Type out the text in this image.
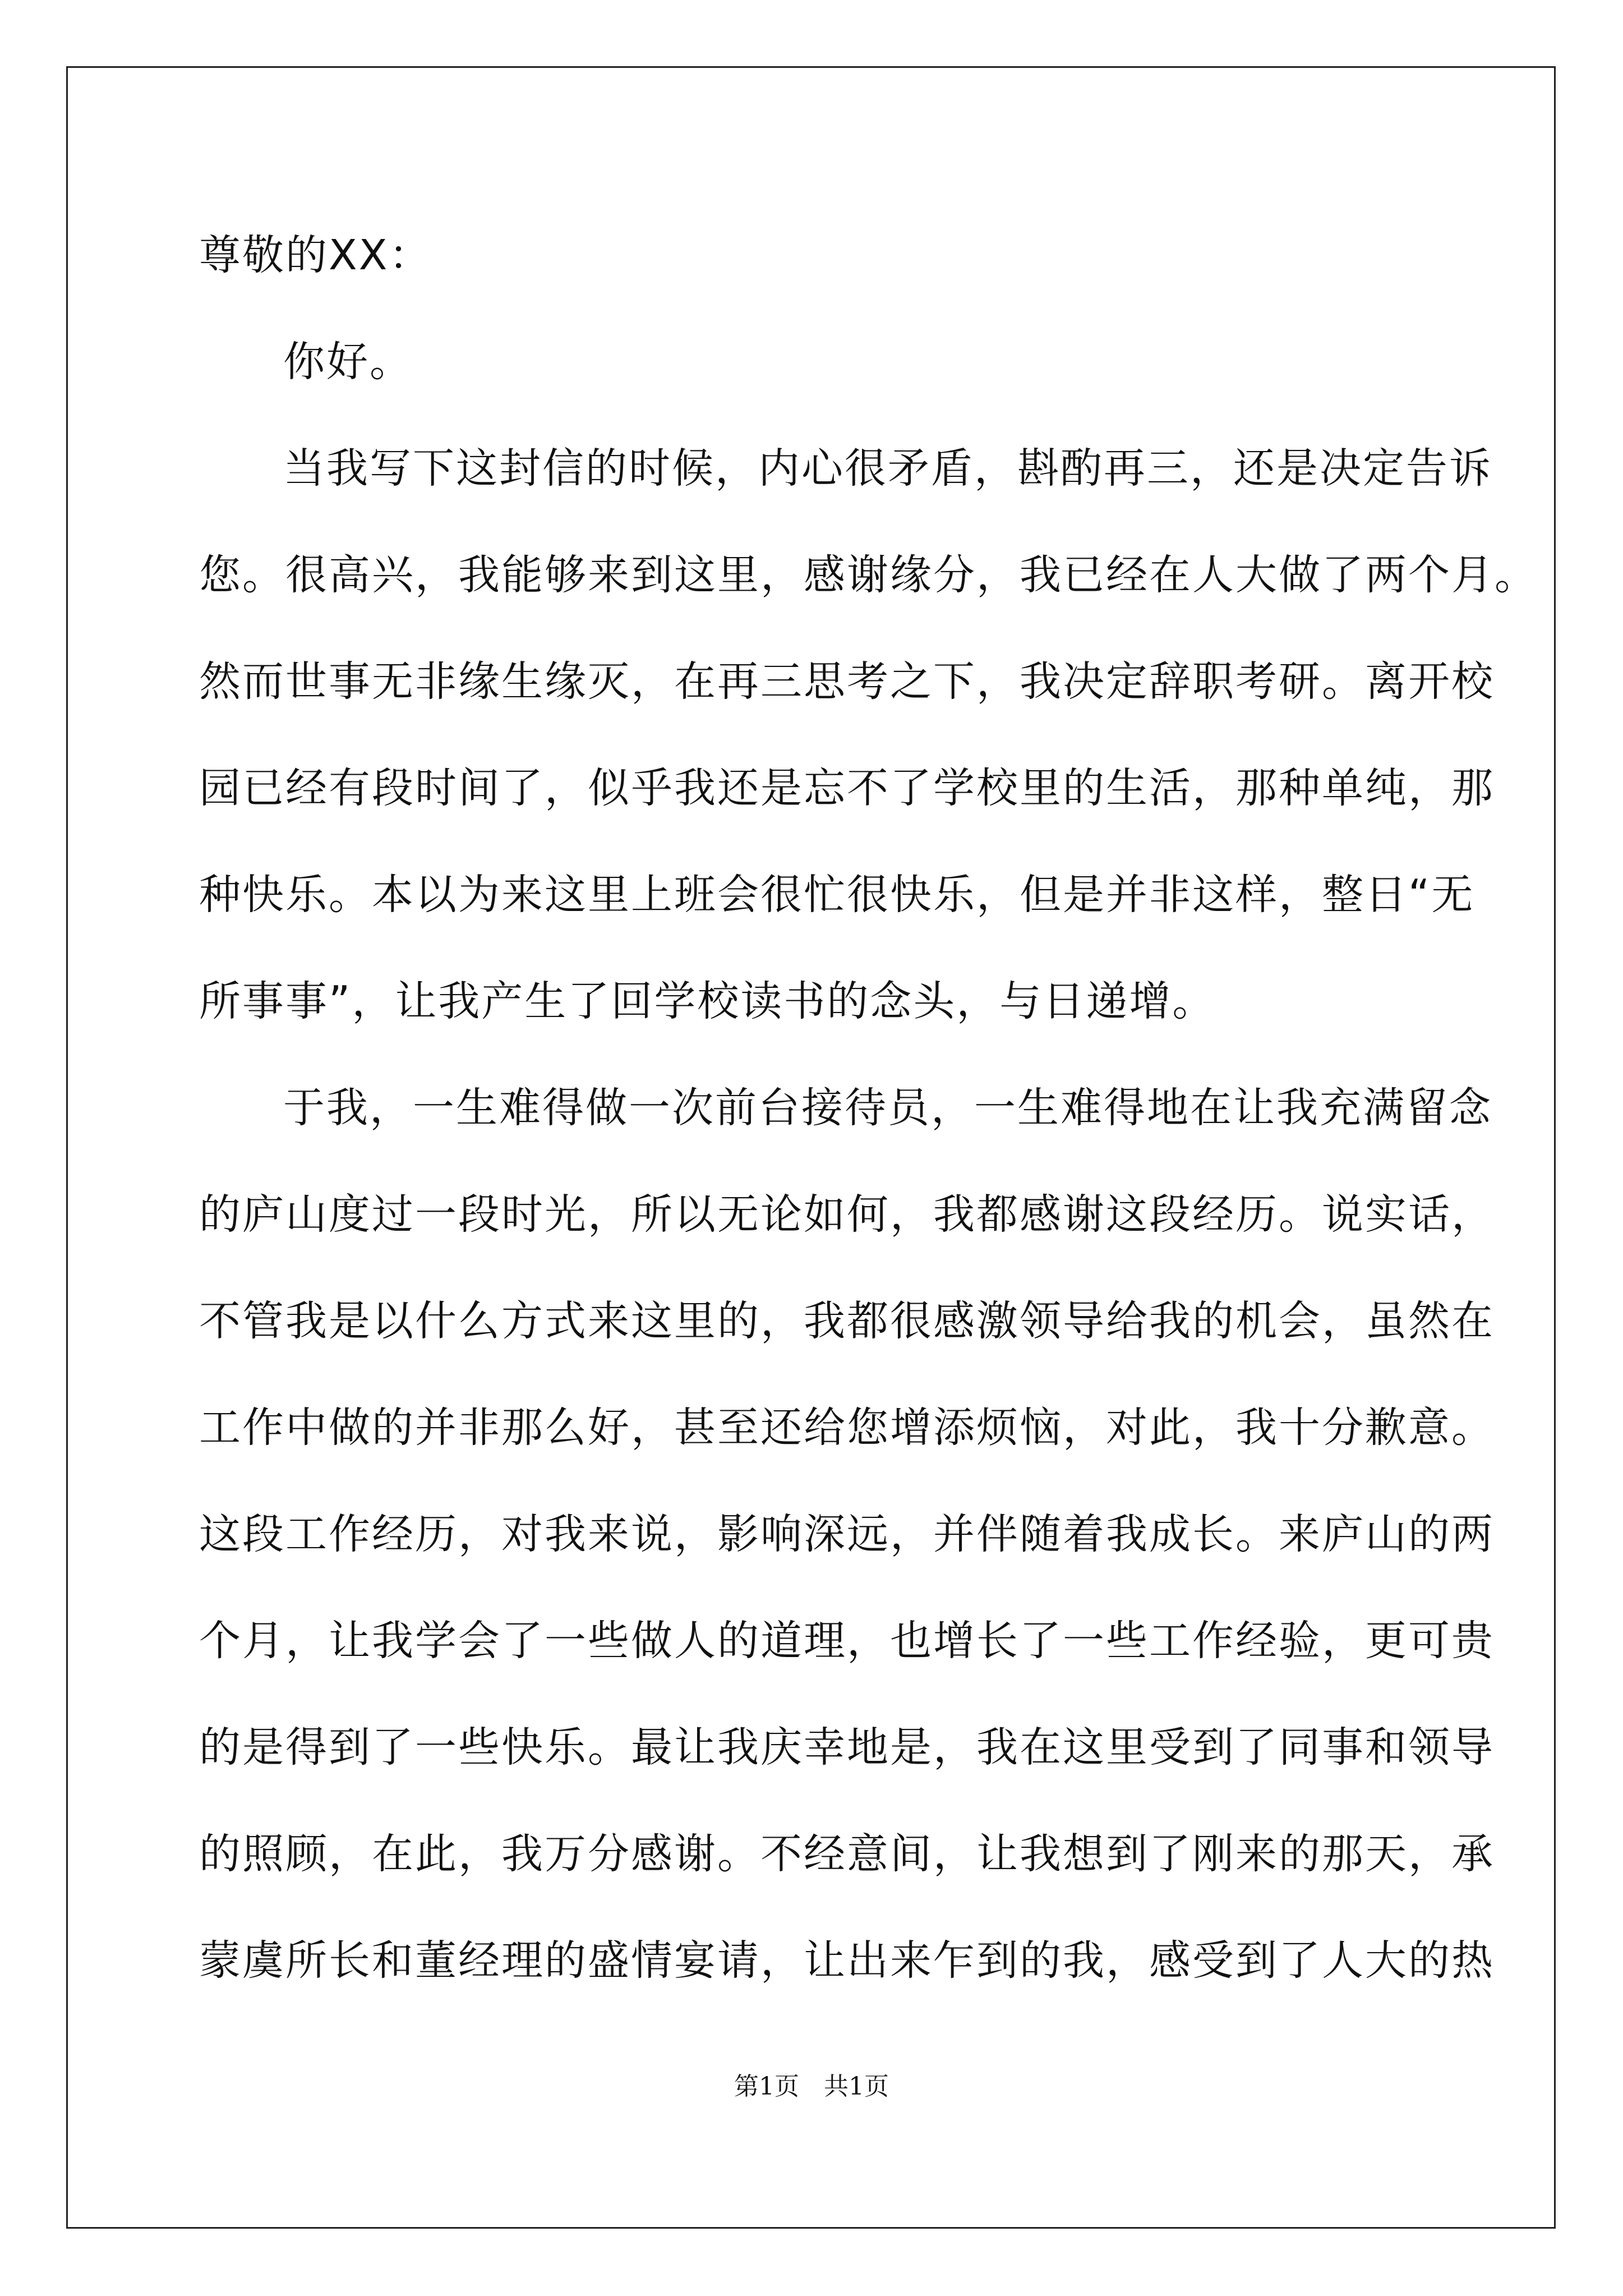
尊敬的XX：
你好。
当我写下这封信的时候，内心很矛盾，斟酌再三，还是决定告诉
您。很高兴，我能够来到这里，感谢缘分，我已经在人大做了两个月。
然而世事无非缘生缘灭，在再三思考之下，我决定辞职考研。离开校
园已经有段时间了，似乎我还是忘不了学校里的生活，那种单纯，那
种快乐。本以为来这里上班会很忙很快乐，但是并非这样，整日“无
所事事”，让我产生了回学校读书的念头，与日递增。
于我，一生难得做一次前台接待员，一生难得地在让我充满留念
的庐山度过一段时光，所以无论如何，我都感谢这段经历。说实话，
不管我是以什么方式来这里的，我都很感激领导给我的机会，虽然在
工作中做的并非那么好，甚至还给您增添烦恼，对此，我十分歉意。
这段工作经历，对我来说，影响深远，并伴随着我成长。来庐山的两
个月，让我学会了一些做人的道理，也增长了一些工作经验，更可贵
的是得到了一些快乐。最让我庆幸地是，我在这里受到了同事和领导
的照顾，在此，我万分感谢。不经意间，让我想到了刚来的那天，承
蒙虞所长和董经理的盛情宴请，让出来乍到的我，感受到了人大的热
第1页　共1页
